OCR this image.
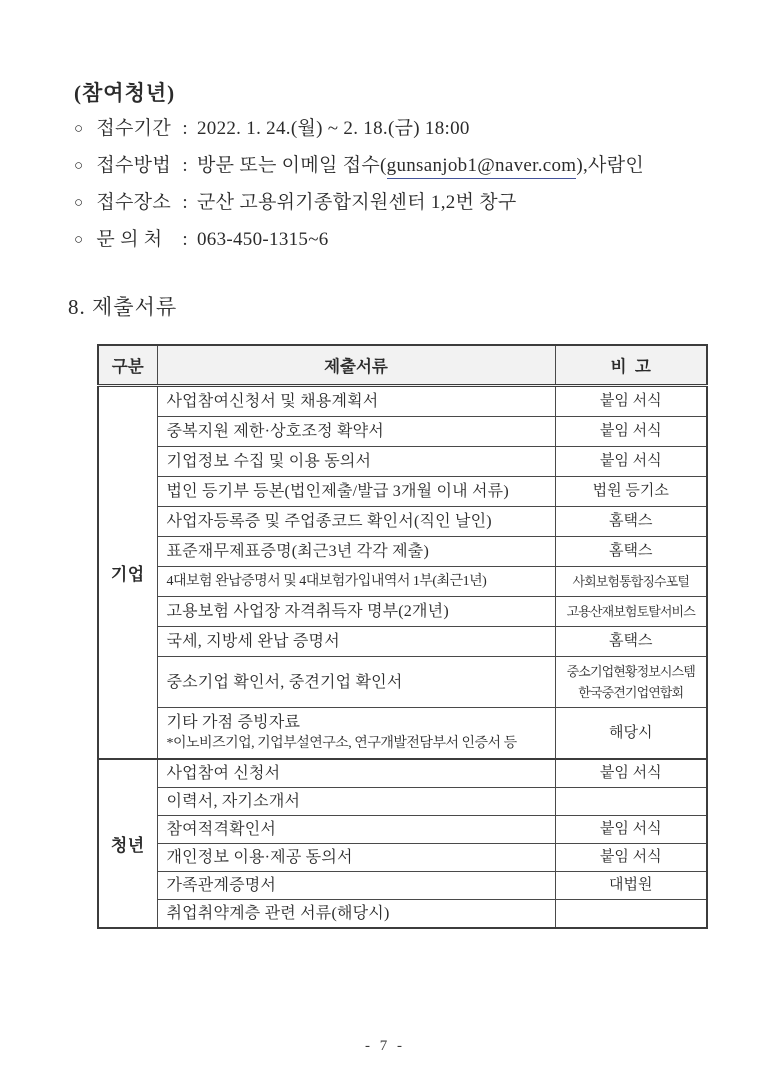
(참여청년)
○ 접수기간 : 2022. 1. 24.(월) ~ 2. 18.(금) 18:00
○ 접수방법 : 방문 또는 이메일 접수( gunsanjob1@naver.com ),사람인
○ 접수장소 : 군산 고용위기종합지원센터 1,2번 창구
○ 문 의 처	: 063-450-1315~6
8. 제출서류
구분	제출서류	비  고
기업	사업참여신청서 및 채용계획서	붙임 서식

	중복지원 제한·상호조정 확약서	붙임 서식

	기업정보 수집 및 이용 동의서	붙임 서식

	법인 등기부 등본(법인제출/발급 3개월 이내 서류)	법원 등기소

	사업자등록증 및 주업종코드 확인서(직인 날인)	홈택스

	표준재무제표증명(최근3년 각각 제출)	홈택스

	4대보험 완납증명서 및 4대보험가입내역서 1부(최근1년)	사회보험통합징수포털

	고용보험 사업장 자격취득자 명부(2개년)	고용산재보험토탈서비스

	국세, 지방세 완납 증명서	홈택스

	중소기업 확인서, 중견기업 확인서	중소기업현황정보시스템
한국중견기업연합회

	기타 가점 증빙자료
*이노비즈기업, 기업부설연구소, 연구개발전담부서 인증서 등	해당시

청년	사업참여 신청서	붙임 서식

	이력서, 자기소개서	

	참여적격확인서	붙임 서식

	개인정보 이용·제공 동의서	붙임 서식

	가족관계증명서	대법원

	취업취약계층 관련 서류(해당시)	

- 7 -
